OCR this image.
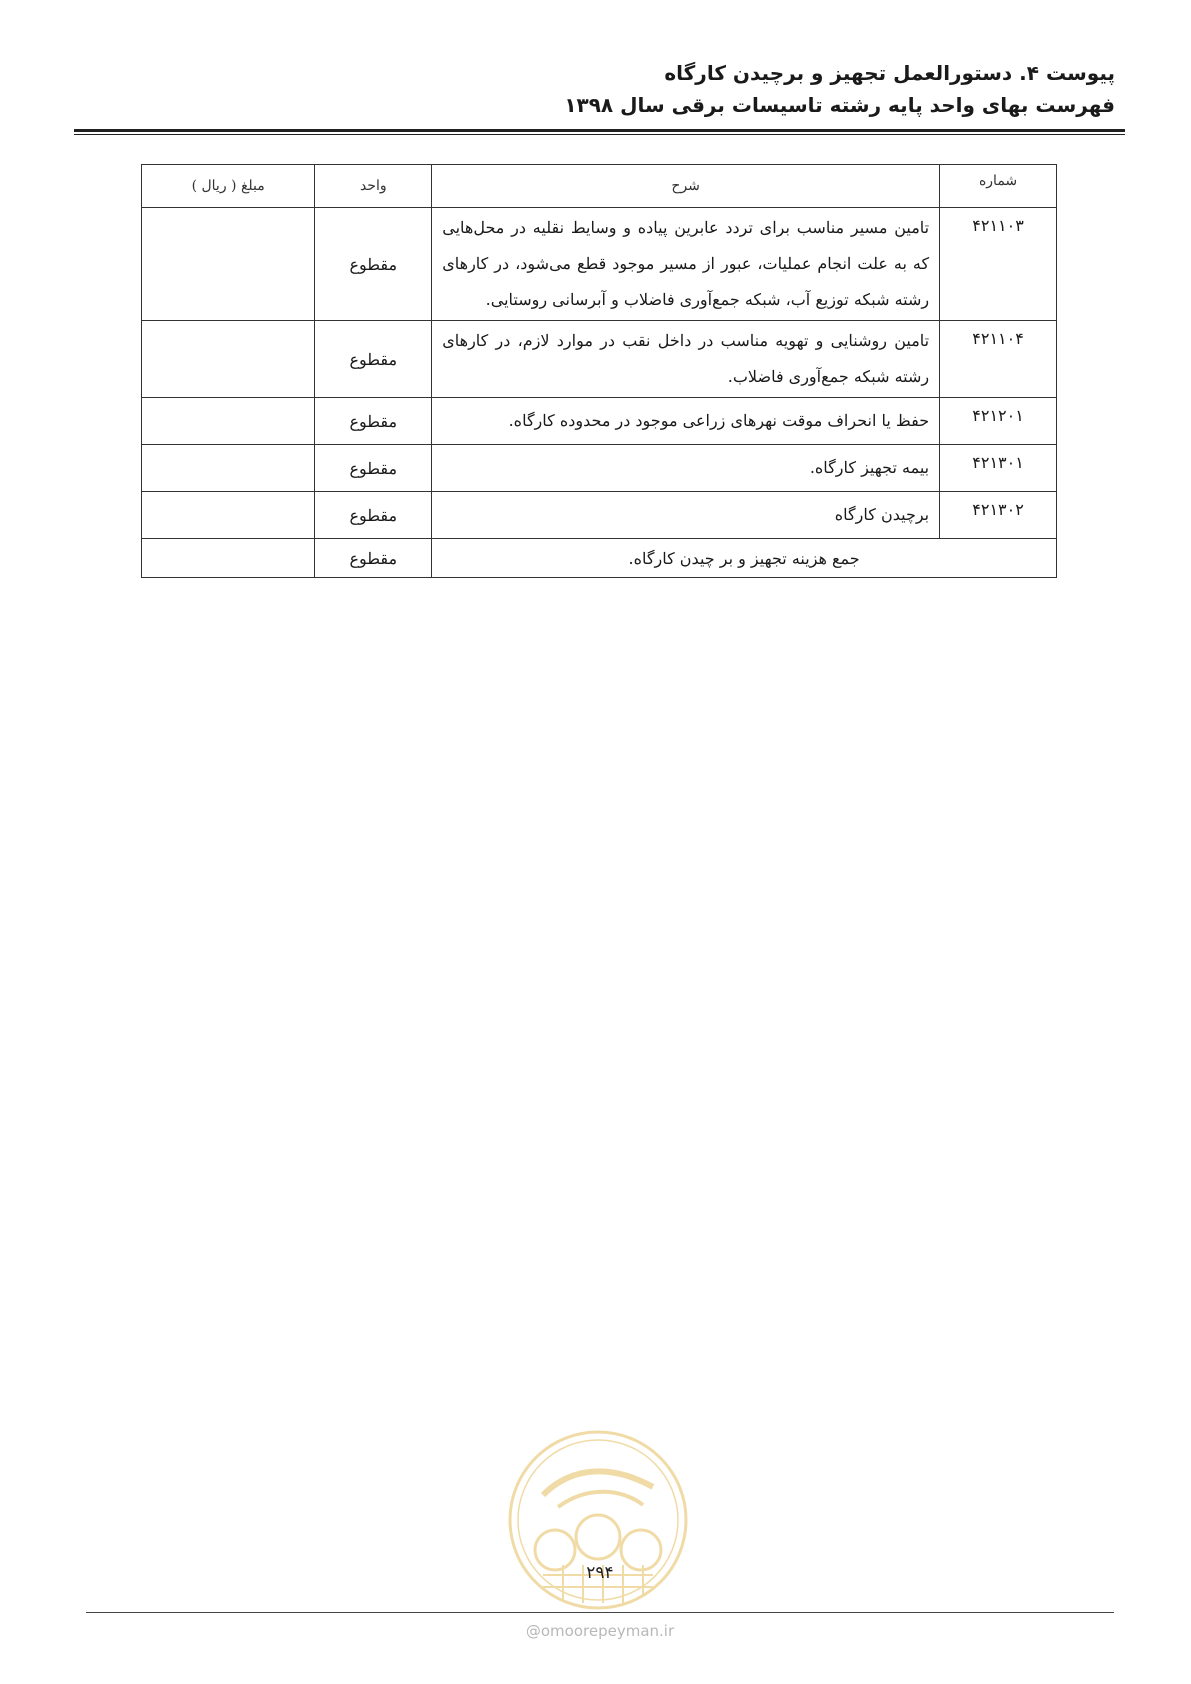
پیوست ۴. دستورالعمل تجهیز و برچیدن کارگاه
فهرست بهای واحد پایه رشته تاسیسات برقی سال ۱۳۹۸
شماره	شرح	واحد	مبلغ ( ریال )
۴۲۱۱۰۳	تامین مسیر مناسب برای تردد عابرین پیاده و وسایط نقلیه در محل‌هایی که به علت انجام عملیات، عبور از مسیر موجود قطع می‌شود، در کارهای رشته شبکه توزیع آب، شبکه جمع‌آوری فاضلاب و آبرسانی روستایی.	مقطوع	
۴۲۱۱۰۴	تامین روشنایی و تهویه مناسب در داخل نقب در موارد لازم، در کارهای رشته شبکه جمع‌آوری فاضلاب.	مقطوع	
۴۲۱۲۰۱	حفظ یا انحراف موقت نهرهای زراعی موجود در محدوده کارگاه.	مقطوع	
۴۲۱۳۰۱	بیمه تجهیز کارگاه.	مقطوع	
۴۲۱۳۰۲	برچیدن کارگاه	مقطوع	
جمع هزینه تجهیز و بر چیدن کارگاه.		مقطوع	
۲۹۴
@omoorepeyman.ir
